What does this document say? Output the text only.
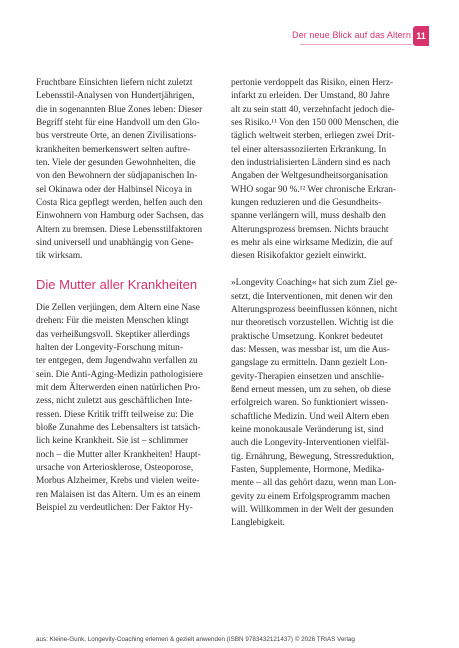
Der neue Blick auf das Altern 11
Fruchtbare Einsichten liefern nicht zuletzt
Lebensstil-Analysen von Hundertjährigen,
die in sogenannten Blue Zones leben: Dieser
Begriff steht für eine Handvoll um den Glo-
bus verstreute Orte, an denen Zivilisations-
krankheiten bemerkenswert selten auftre-
ten. Viele der gesunden Gewohnheiten, die
von den Bewohnern der südjapanischen In-
sel Okinawa oder der Halbinsel Nicoya in
Costa Rica gepflegt werden, helfen auch den
Einwohnern von Hamburg oder Sachsen, das
Altern zu bremsen. Diese Lebensstilfaktoren
sind universell und unabhängig von Gene-
tik wirksam.
Die Mutter aller Krankheiten
Die Zellen verjüngen, dem Altern eine Nase
drehen: Für die meisten Menschen klingt
das verheißungsvoll. Skeptiker allerdings
halten der Longevity-Forschung mitun-
ter entgegen, dem Jugendwahn verfallen zu
sein. Die Anti-Aging-Medizin pathologisiere
mit dem Älterwerden einen natürlichen Pro-
zess, nicht zuletzt aus geschäftlichen Inte-
ressen. Diese Kritik trifft teilweise zu: Die
bloße Zunahme des Lebensalters ist tatsäch-
lich keine Krankheit. Sie ist – schlimmer
noch – die Mutter aller Krankheiten! Haupt-
ursache von Arteriosklerose, Osteoporose,
Morbus Alzheimer, Krebs und vielen weite-
ren Malaisen ist das Altern. Um es an einem
Beispiel zu verdeutlichen: Der Faktor Hy-
pertonie verdoppelt das Risiko, einen Herz-
infarkt zu erleiden. Der Umstand, 80 Jahre
alt zu sein statt 40, verzehnfacht jedoch die-
ses Risiko.¹¹ Von den 150 000 Menschen, die
täglich weltweit sterben, erliegen zwei Drit-
tel einer altersassoziierten Erkrankung. In
den industrialisierten Ländern sind es nach
Angaben der Weltgesundheitsorganisation
WHO sogar 90 %.¹² Wer chronische Erkran-
kungen reduzieren und die Gesundheits-
spanne verlängern will, muss deshalb den
Alterungsprozess bremsen. Nichts braucht
es mehr als eine wirksame Medizin, die auf
diesen Risikofaktor gezielt einwirkt.
»Longevity Coaching« hat sich zum Ziel ge-
setzt, die Interventionen, mit denen wir den
Alterungsprozess beeinflussen können, nicht
nur theoretisch vorzustellen. Wichtig ist die
praktische Umsetzung. Konkret bedeutet
das: Messen, was messbar ist, um die Aus-
gangslage zu ermitteln. Dann gezielt Lon-
gevity-Therapien einsetzen und anschlie-
ßend erneut messen, um zu sehen, ob diese
erfolgreich waren. So funktioniert wissen-
schaftliche Medizin. Und weil Altern eben
keine monokausale Veränderung ist, sind
auch die Longevity-Interventionen vielfäl-
tig. Ernährung, Bewegung, Stressreduktion,
Fasten, Supplemente, Hormone, Medika-
mente – all das gehört dazu, wenn man Lon-
gevity zu einem Erfolgsprogramm machen
will. Willkommen in der Welt der gesunden
Langlebigkeit.
aus: Kleine-Gunk, Longevity-Coaching erlernen & gezielt anwenden (ISBN 9783432121437) © 2026 TRIAS Verlag
